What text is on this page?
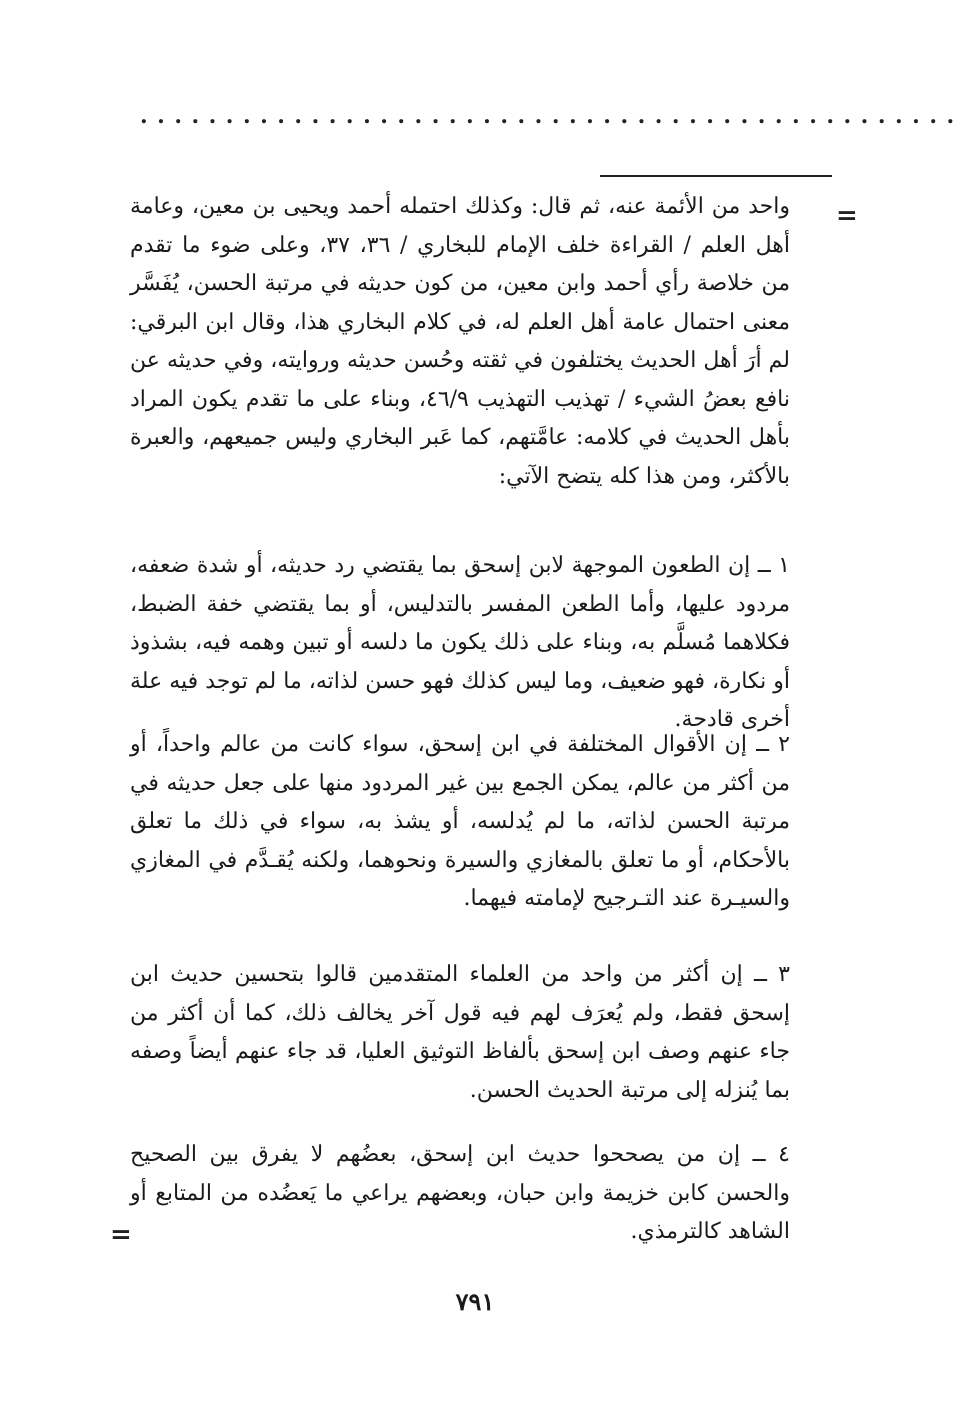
................................................
=
واحد من الأئمة عنه، ثم قال: وكذلك احتمله أحمد ويحيى بن معين، وعامة أهل العلم / القراءة خلف الإمام للبخاري / ٣٦، ٣٧، وعلى ضوء ما تقدم من خلاصة رأي أحمد وابن معين، من كون حديثه في مرتبة الحسن، يُفَسَّر معنى احتمال عامة أهل العلم له، في كلام البخاري هذا، وقال ابن البرقي: لم أرَ أهل الحديث يختلفون في ثقته وحُسن حديثه وروايته، وفي حديثه عن نافع بعضُ الشيء / تهذيب التهذيب ٤٦/٩، وبناء على ما تقدم يكون المراد بأهل الحديث في كلامه: عامَّتهم، كما عَبر البخاري وليس جميعهم، والعبرة بالأكثر، ومن هذا كله يتضح الآتي:
١ ــ إن الطعون الموجهة لابن إسحق بما يقتضي رد حديثه، أو شدة ضعفه، مردود عليها، وأما الطعن المفسر بالتدليس، أو بما يقتضي خفة الضبط، فكلاهما مُسلَّم به، وبناء على ذلك يكون ما دلسه أو تبين وهمه فيه، بشذوذ أو نكارة، فهو ضعيف، وما ليس كذلك فهو حسن لذاته، ما لم توجد فيه علة أخرى قادحة.
٢ ــ إن الأقوال المختلفة في ابن إسحق، سواء كانت من عالم واحداً، أو من أكثر من عالم، يمكن الجمع بين غير المردود منها على جعل حديثه في مرتبة الحسن لذاته، ما لم يُدلسه، أو يشذ به، سواء في ذلك ما تعلق بالأحكام، أو ما تعلق بالمغازي والسيرة ونحوهما، ولكنه يُقـدَّم في المغازي والسيـرة عند التـرجيح لإمامته فيهما.
٣ ــ إن أكثر من واحد من العلماء المتقدمين قالوا بتحسين حديث ابن إسحق فقط، ولم يُعرَف لهم فيه قول آخر يخالف ذلك، كما أن أكثر من جاء عنهم وصف ابن إسحق بألفاظ التوثيق العليا، قد جاء عنهم أيضاً وصفه بما يُنزله إلى مرتبة الحديث الحسن.
٤ ــ إن من يصححوا حديث ابن إسحق، بعضُهم لا يفرق بين الصحيح والحسن كابن خزيمة وابن حبان، وبعضهم يراعي ما يَعضُده من المتابع أو الشاهد كالترمذي.
=
٧٩١
